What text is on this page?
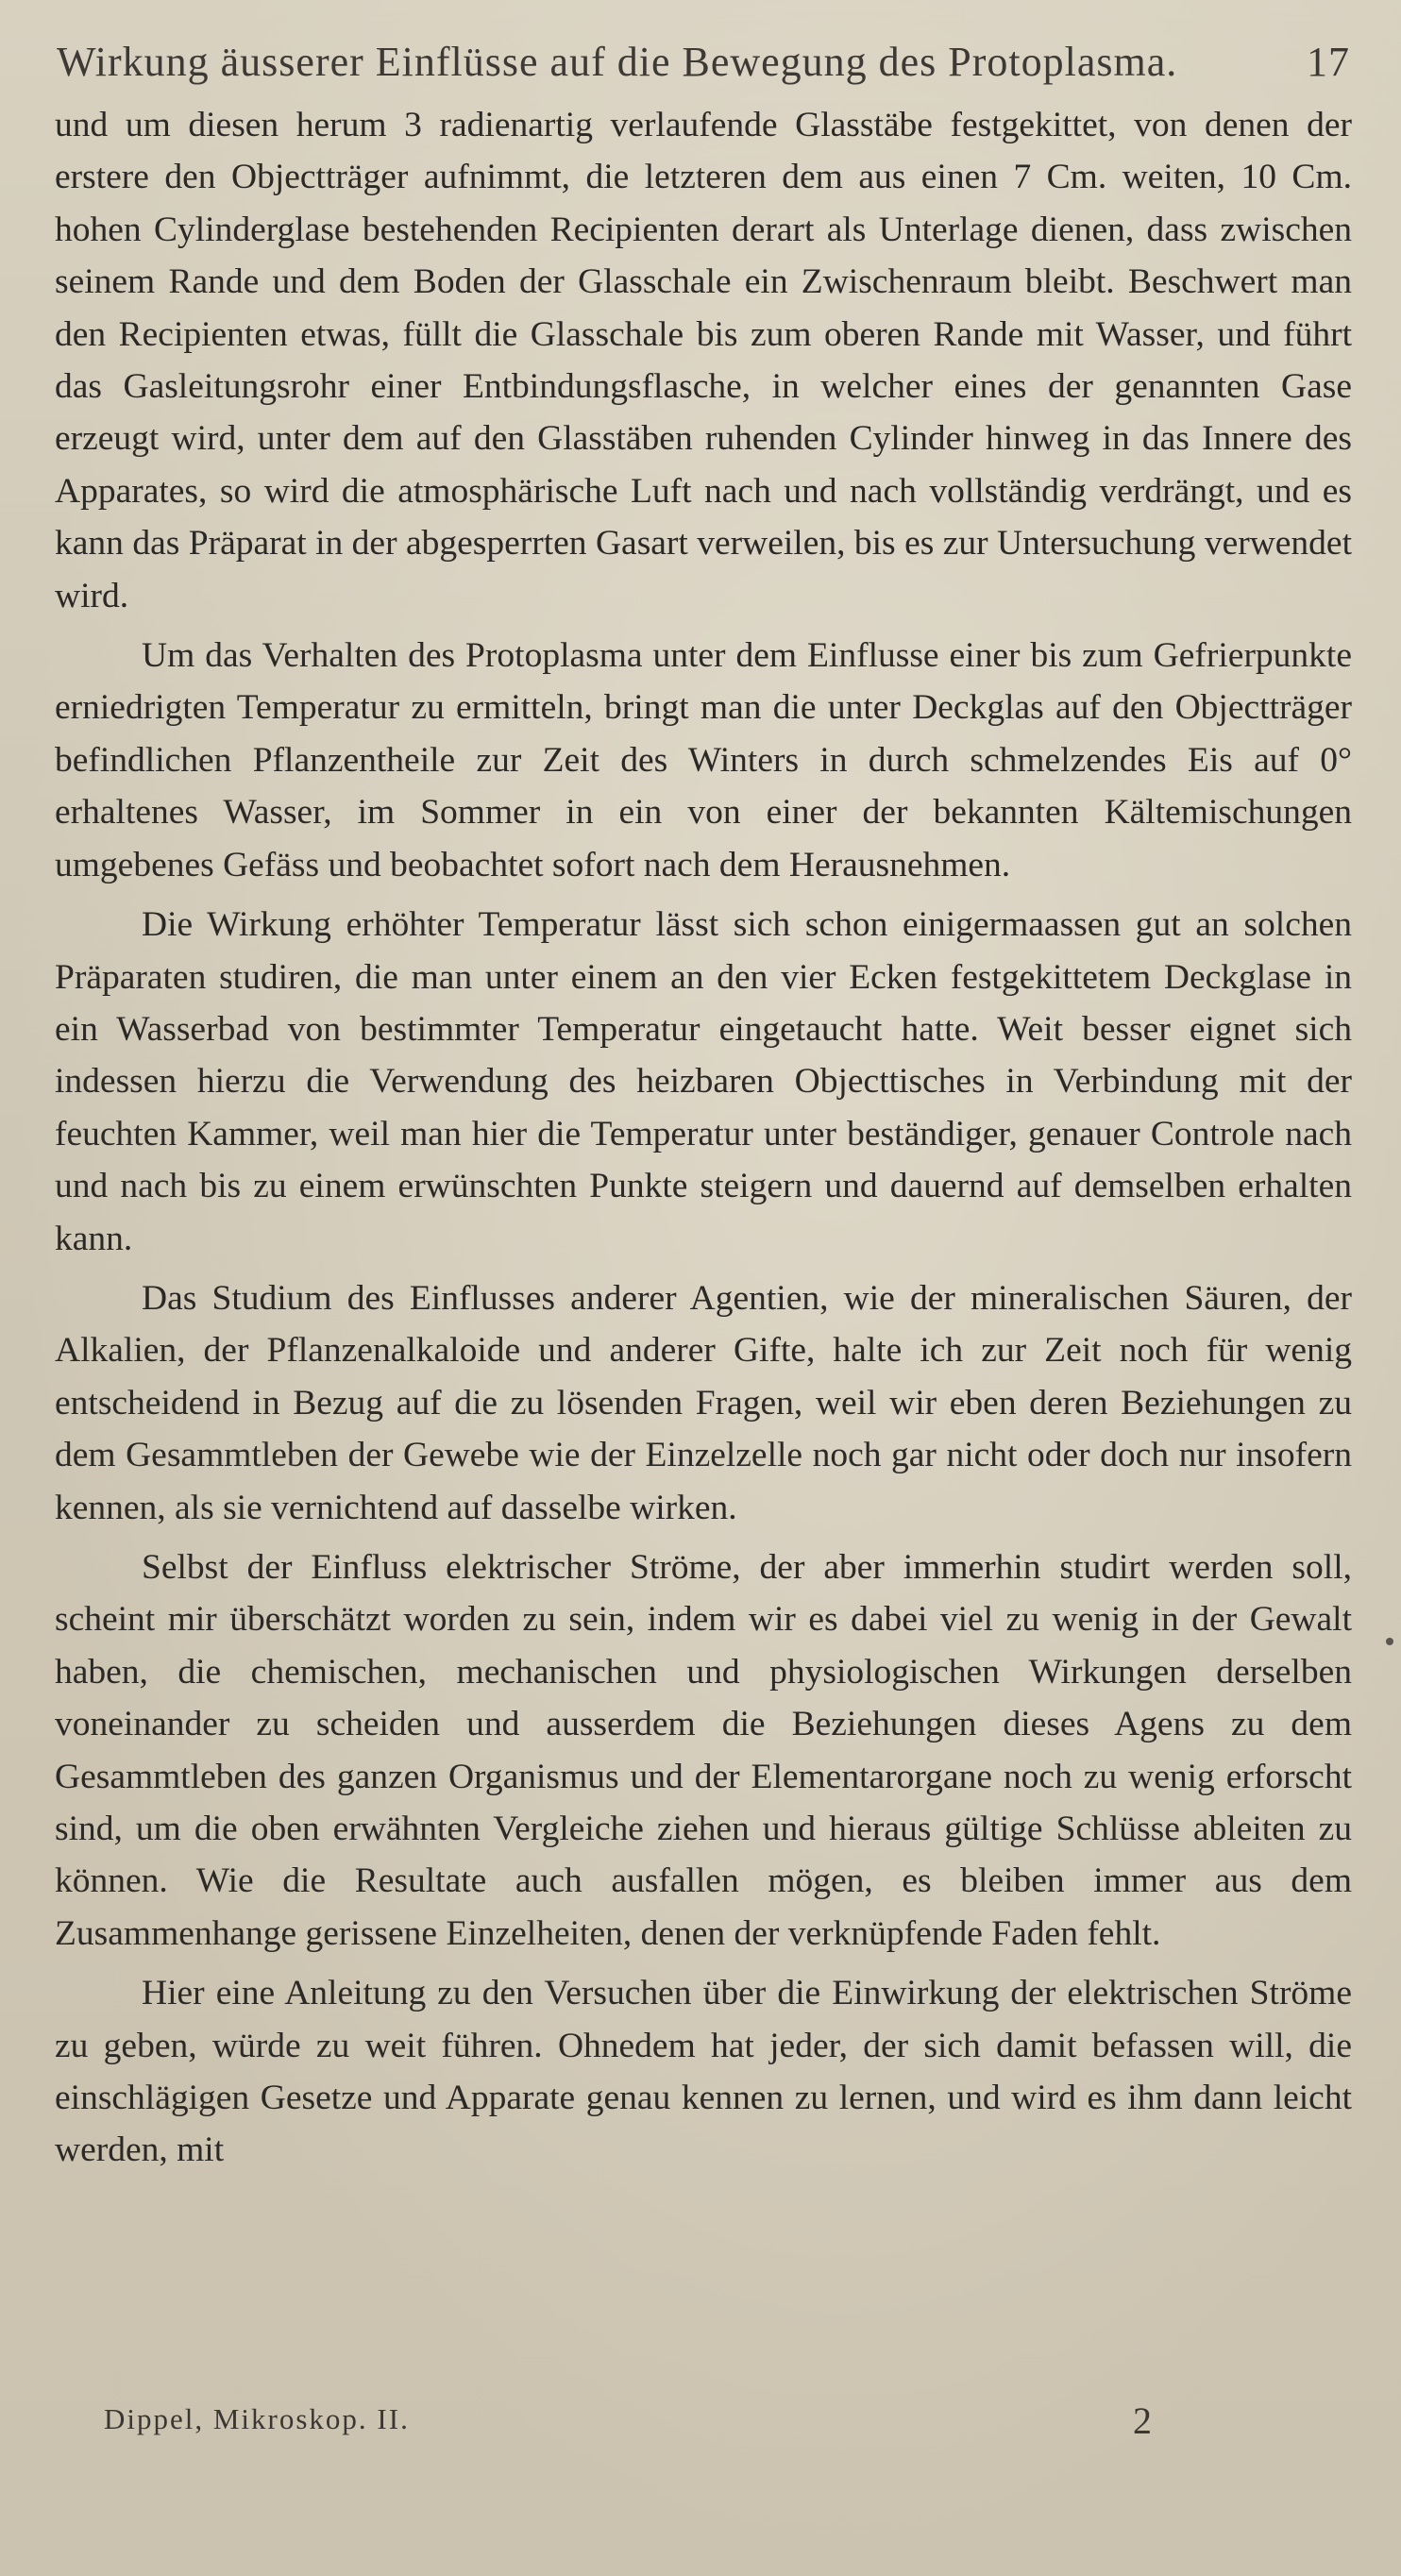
Wirkung äusserer Einflüsse auf die Bewegung des Protoplasma.	17

und um diesen herum 3 radienartig verlaufende Glasstäbe festgekittet, von denen der erstere den Objectträger aufnimmt, die letzteren dem aus einen 7 Cm. weiten, 10 Cm. hohen Cylinderglase bestehenden Recipienten derart als Unterlage dienen, dass zwischen seinem Rande und dem Boden der Glasschale ein Zwischenraum bleibt. Beschwert man den Recipienten etwas, füllt die Glasschale bis zum oberen Rande mit Wasser, und führt das Gasleitungsrohr einer Entbindungsflasche, in welcher eines der genannten Gase erzeugt wird, unter dem auf den Glasstäben ruhenden Cylinder hinweg in das Innere des Apparates, so wird die atmosphärische Luft nach und nach vollständig verdrängt, und es kann das Präparat in der abgesperrten Gasart verweilen, bis es zur Untersuchung verwendet wird.

Um das Verhalten des Protoplasma unter dem Einflusse einer bis zum Gefrierpunkte erniedrigten Temperatur zu ermitteln, bringt man die unter Deckglas auf den Objectträger befindlichen Pflanzentheile zur Zeit des Winters in durch schmelzendes Eis auf 0° erhaltenes Wasser, im Sommer in ein von einer der bekannten Kältemischungen umgebenes Gefäss und beobachtet sofort nach dem Herausnehmen.

Die Wirkung erhöhter Temperatur lässt sich schon einigermaassen gut an solchen Präparaten studiren, die man unter einem an den vier Ecken festgekittetem Deckglase in ein Wasserbad von bestimmter Temperatur eingetaucht hatte. Weit besser eignet sich indessen hierzu die Verwendung des heizbaren Objecttisches in Verbindung mit der feuchten Kammer, weil man hier die Temperatur unter beständiger, genauer Controle nach und nach bis zu einem erwünschten Punkte steigern und dauernd auf demselben erhalten kann.

Das Studium des Einflusses anderer Agentien, wie der mineralischen Säuren, der Alkalien, der Pflanzenalkaloide und anderer Gifte, halte ich zur Zeit noch für wenig entscheidend in Bezug auf die zu lösenden Fragen, weil wir eben deren Beziehungen zu dem Gesammtleben der Gewebe wie der Einzelzelle noch gar nicht oder doch nur insofern kennen, als sie vernichtend auf dasselbe wirken.

Selbst der Einfluss elektrischer Ströme, der aber immerhin studirt werden soll, scheint mir überschätzt worden zu sein, indem wir es dabei viel zu wenig in der Gewalt haben, die chemischen, mechanischen und physiologischen Wirkungen derselben voneinander zu scheiden und ausserdem die Beziehungen dieses Agens zu dem Gesammtleben des ganzen Organismus und der Elementarorgane noch zu wenig erforscht sind, um die oben erwähnten Vergleiche ziehen und hieraus gültige Schlüsse ableiten zu können. Wie die Resultate auch ausfallen mögen, es bleiben immer aus dem Zusammenhange gerissene Einzelheiten, denen der verknüpfende Faden fehlt.

Hier eine Anleitung zu den Versuchen über die Einwirkung der elektrischen Ströme zu geben, würde zu weit führen. Ohnedem hat jeder, der sich damit befassen will, die einschlägigen Gesetze und Apparate genau kennen zu lernen, und wird es ihm dann leicht werden, mit

Dippel, Mikroskop. II.	2
